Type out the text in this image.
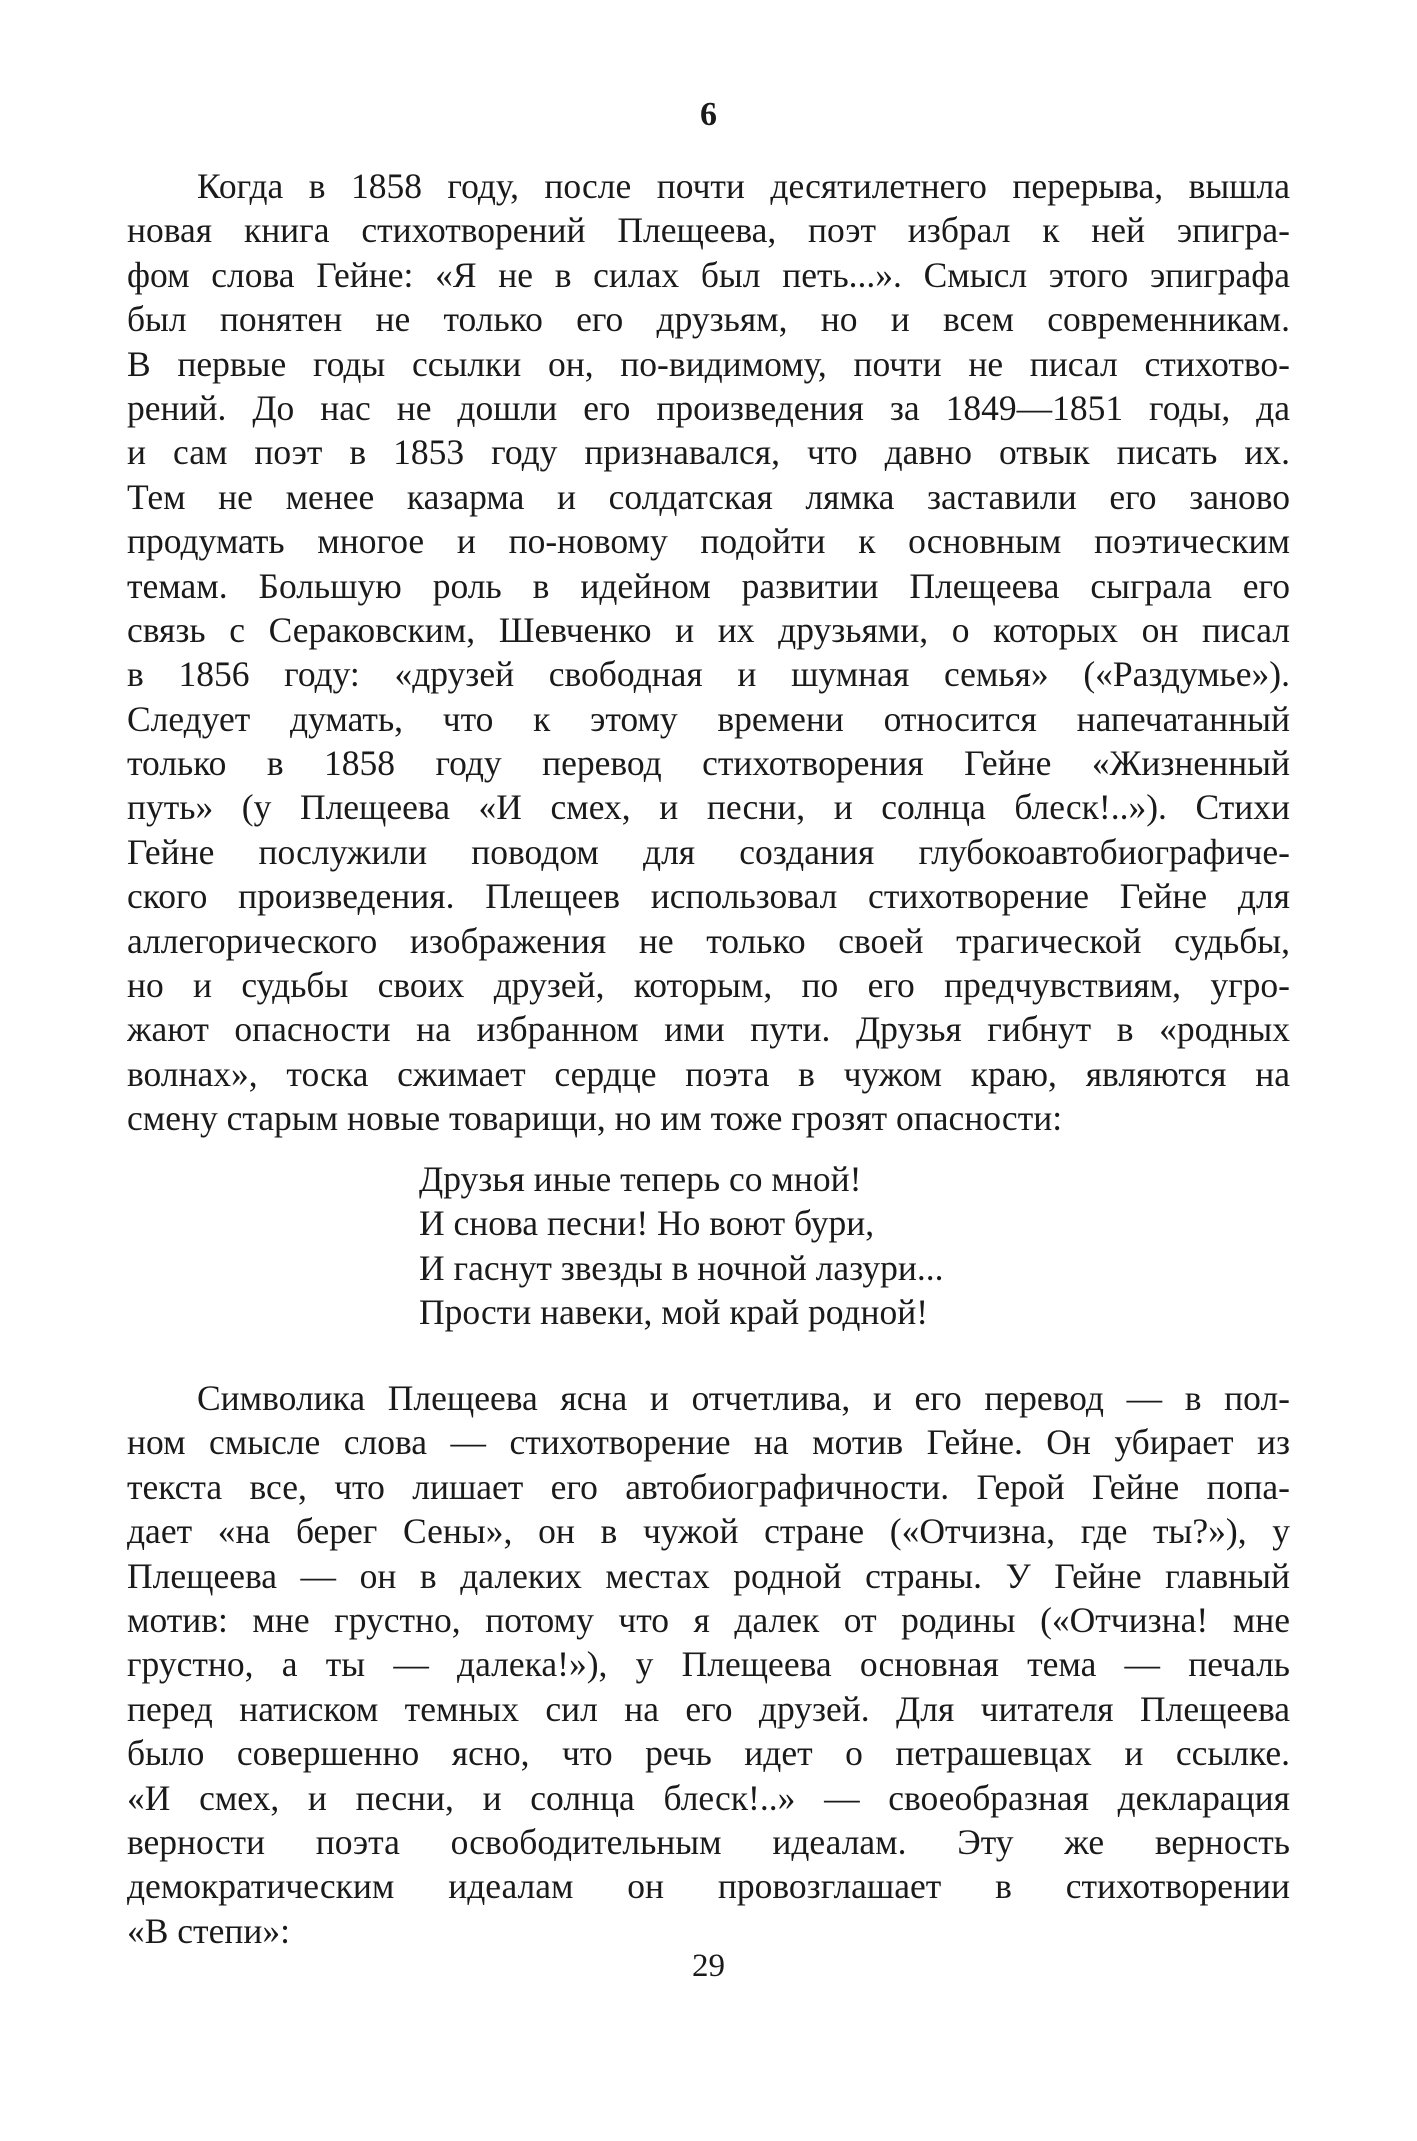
6
Когда в 1858 году, после почти десятилетнего перерыва, вышла
новая книга стихотворений Плещеева, поэт избрал к ней эпигра-
фом слова Гейне: «Я не в силах был петь...». Смысл этого эпиграфа
был понятен не только его друзьям, но и всем современникам.
В первые годы ссылки он, по-видимому, почти не писал стихотво-
рений. До нас не дошли его произведения за 1849—1851 годы, да
и сам поэт в 1853 году признавался, что давно отвык писать их.
Тем не менее казарма и солдатская лямка заставили его заново
продумать многое и по-новому подойти к основным поэтическим
темам. Большую роль в идейном развитии Плещеева сыграла его
связь с Сераковским, Шевченко и их друзьями, о которых он писал
в 1856 году: «друзей свободная и шумная семья» («Раздумье»).
Следует думать, что к этому времени относится напечатанный
только в 1858 году перевод стихотворения Гейне «Жизненный
путь» (у Плещеева «И смех, и песни, и солнца блеск!..»). Стихи
Гейне послужили поводом для создания глубокоавтобиографиче-
ского произведения. Плещеев использовал стихотворение Гейне для
аллегорического изображения не только своей трагической судьбы,
но и судьбы своих друзей, которым, по его предчувствиям, угро-
жают опасности на избранном ими пути. Друзья гибнут в «родных
волнах», тоска сжимает сердце поэта в чужом краю, являются на
смену старым новые товарищи, но им тоже грозят опасности:
Друзья иные теперь со мной!
И снова песни! Но воют бури,
И гаснут звезды в ночной лазури...
Прости навеки, мой край родной!
Символика Плещеева ясна и отчетлива, и его перевод — в пол-
ном смысле слова — стихотворение на мотив Гейне. Он убирает из
текста все, что лишает его автобиографичности. Герой Гейне попа-
дает «на берег Сены», он в чужой стране («Отчизна, где ты?»), у
Плещеева — он в далеких местах родной страны. У Гейне главный
мотив: мне грустно, потому что я далек от родины («Отчизна! мне
грустно, а ты — далека!»), у Плещеева основная тема — печаль
перед натиском темных сил на его друзей. Для читателя Плещеева
было совершенно ясно, что речь идет о петрашевцах и ссылке.
«И смех, и песни, и солнца блеск!..» — своеобразная декларация
верности поэта освободительным идеалам. Эту же верность
демократическим идеалам он провозглашает в стихотворении
«В степи»:
29
